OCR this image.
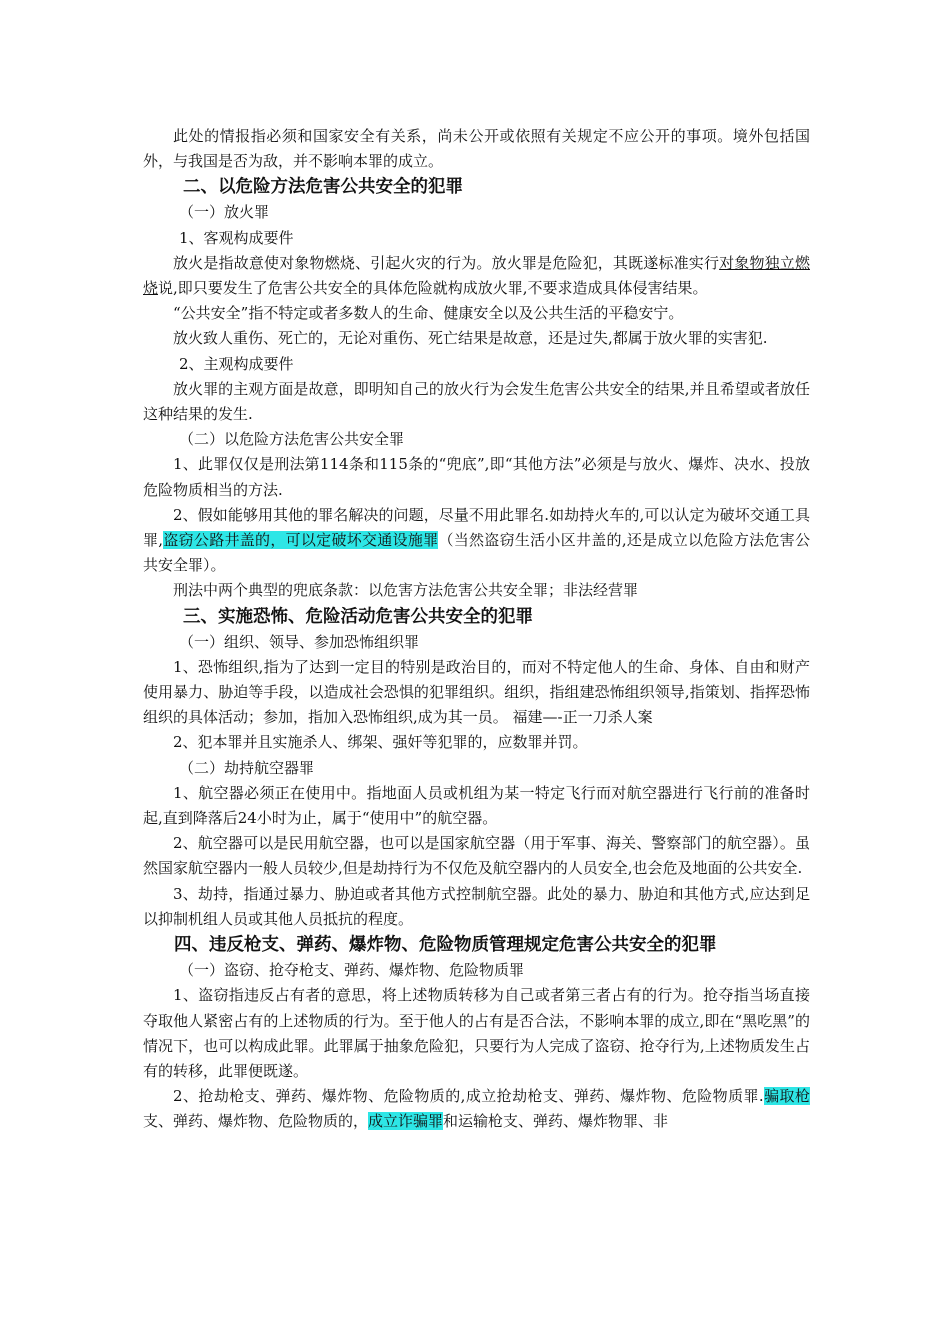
此处的情报指必须和国家安全有关系，尚未公开或依照有关规定不应公开的事项。境外包括国外，与我国是否为敌，并不影响本罪的成立。

二、以危险方法危害公共安全的犯罪

（一）放火罪

1、客观构成要件

放火是指故意使对象物燃烧、引起火灾的行为。放火罪是危险犯，其既遂标准实行对象物独立燃烧说,即只要发生了危害公共安全的具体危险就构成放火罪,不要求造成具体侵害结果。

“公共安全”指不特定或者多数人的生命、健康安全以及公共生活的平稳安宁。

放火致人重伤、死亡的，无论对重伤、死亡结果是故意，还是过失,都属于放火罪的实害犯.

2、主观构成要件

放火罪的主观方面是故意，即明知自己的放火行为会发生危害公共安全的结果,并且希望或者放任这种结果的发生.

（二）以危险方法危害公共安全罪

1、此罪仅仅是刑法第114条和115条的“兜底”,即“其他方法”必须是与放火、爆炸、决水、投放危险物质相当的方法.

2、假如能够用其他的罪名解决的问题，尽量不用此罪名.如劫持火车的,可以认定为破坏交通工具罪,盗窃公路井盖的，可以定破坏交通设施罪（当然盗窃生活小区井盖的,还是成立以危险方法危害公共安全罪）。

刑法中两个典型的兜底条款：以危害方法危害公共安全罪；非法经营罪

三、实施恐怖、危险活动危害公共安全的犯罪

（一）组织、领导、参加恐怖组织罪

1、恐怖组织,指为了达到一定目的特别是政治目的，而对不特定他人的生命、身体、自由和财产使用暴力、胁迫等手段，以造成社会恐惧的犯罪组织。组织，指组建恐怖组织领导,指策划、指挥恐怖组织的具体活动；参加，指加入恐怖组织,成为其一员。 福建—-正一刀杀人案

2、犯本罪并且实施杀人、绑架、强奸等犯罪的，应数罪并罚。

（二）劫持航空器罪

1、航空器必须正在使用中。指地面人员或机组为某一特定飞行而对航空器进行飞行前的准备时起,直到降落后24小时为止，属于“使用中”的航空器。

2、航空器可以是民用航空器，也可以是国家航空器（用于军事、海关、警察部门的航空器）。虽然国家航空器内一般人员较少,但是劫持行为不仅危及航空器内的人员安全,也会危及地面的公共安全.

3、劫持，指通过暴力、胁迫或者其他方式控制航空器。此处的暴力、胁迫和其他方式,应达到足以抑制机组人员或其他人员抵抗的程度。

四、违反枪支、弹药、爆炸物、危险物质管理规定危害公共安全的犯罪

（一）盗窃、抢夺枪支、弹药、爆炸物、危险物质罪

1、盗窃指违反占有者的意思，将上述物质转移为自己或者第三者占有的行为。抢夺指当场直接夺取他人紧密占有的上述物质的行为。至于他人的占有是否合法，不影响本罪的成立,即在“黑吃黑”的情况下，也可以构成此罪。此罪属于抽象危险犯，只要行为人完成了盗窃、抢夺行为,上述物质发生占有的转移，此罪便既遂。

2、抢劫枪支、弹药、爆炸物、危险物质的,成立抢劫枪支、弹药、爆炸物、危险物质罪.骗取枪支、弹药、爆炸物、危险物质的，成立诈骗罪和运输枪支、弹药、爆炸物罪、非
